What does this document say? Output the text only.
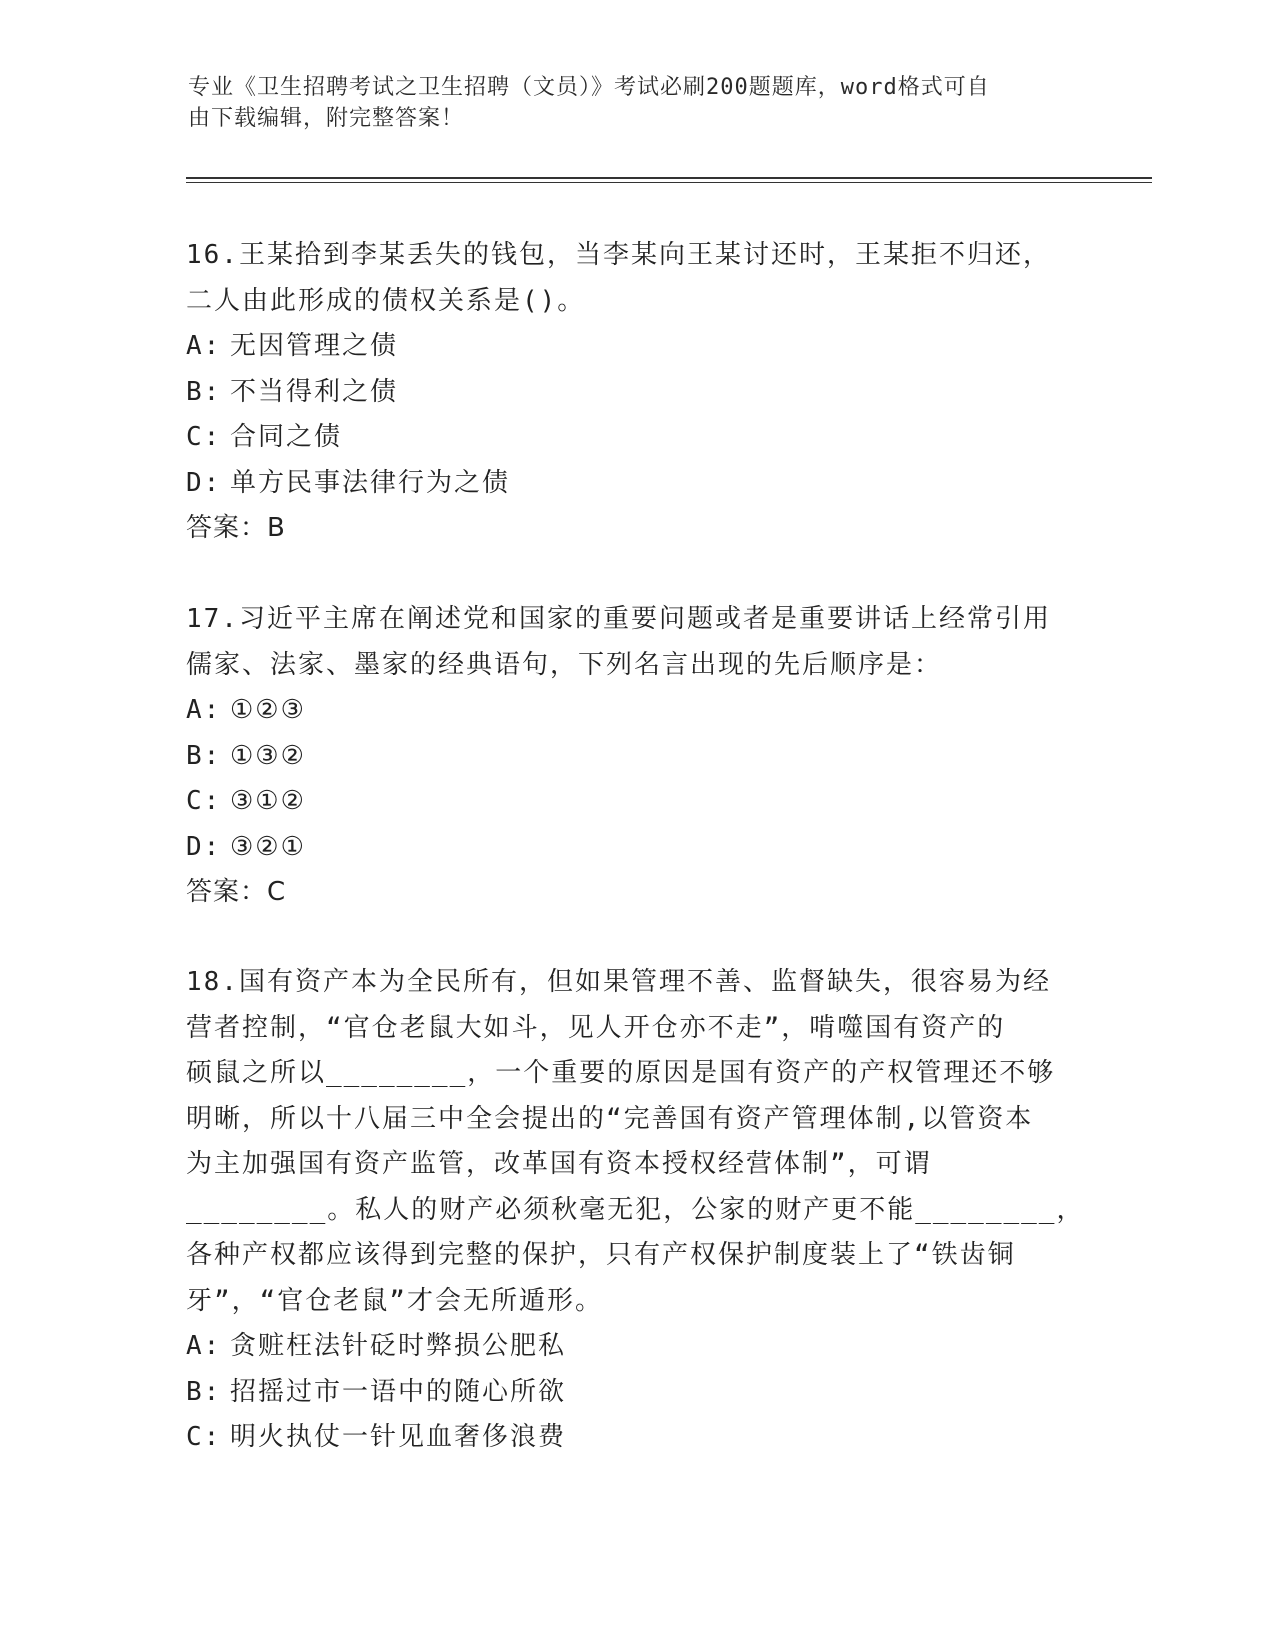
专业《卫生招聘考试之卫生招聘（文员）》考试必刷200题题库，word格式可自
由下载编辑，附完整答案！

16.王某拾到李某丢失的钱包，当李某向王某讨还时，王某拒不归还，

二人由此形成的债权关系是()。

A: 无因管理之债

B: 不当得利之债

C: 合同之债

D: 单方民事法律行为之债

答案：B

17.习近平主席在阐述党和国家的重要问题或者是重要讲话上经常引用

儒家、法家、墨家的经典语句，下列名言出现的先后顺序是：

A: ①②③

B: ①③②

C: ③①②

D: ③②①

答案：C

18.国有资产本为全民所有，但如果管理不善、监督缺失，很容易为经

营者控制，“官仓老鼠大如斗，见人开仓亦不走”，啃噬国有资产的

硕鼠之所以________，一个重要的原因是国有资产的产权管理还不够

明晰，所以十八届三中全会提出的“完善国有资产管理体制,以管资本

为主加强国有资产监管，改革国有资本授权经营体制”，可谓

________。私人的财产必须秋毫无犯，公家的财产更不能________，

各种产权都应该得到完整的保护，只有产权保护制度装上了“铁齿铜

牙”，“官仓老鼠”才会无所遁形。

A: 贪赃枉法针砭时弊损公肥私

B: 招摇过市一语中的随心所欲

C: 明火执仗一针见血奢侈浪费
